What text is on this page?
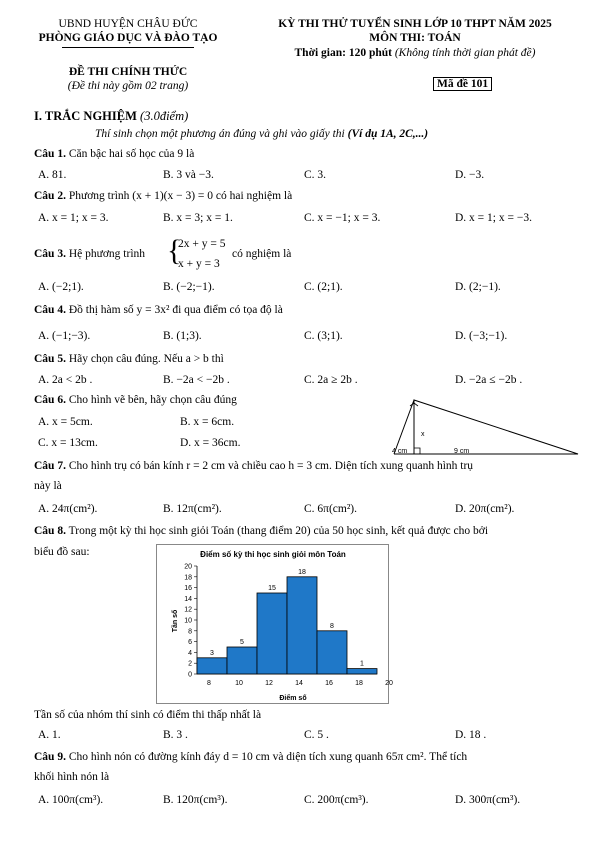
UBND HUYỆN CHÂU ĐỨC
PHÒNG GIÁO DỤC VÀ ĐÀO TẠO
KỲ THI THỬ TUYỂN SINH LỚP 10 THPT NĂM 2025
MÔN THI: TOÁN
Thời gian: 120 phút (Không tính thời gian phát đề)
ĐỀ THI CHÍNH THỨC
(Đề thi này gồm 02 trang)	Mã đề 101
I. TRẮC NGHIỆM (3.0điểm)
Thí sinh chọn một phương án đúng và ghi vào giấy thi (Ví dụ 1A, 2C,...)
Câu 1. Căn bậc hai số học của 9 là
A. 81.	B. 3 và −3.	C. 3.	D. −3.
Câu 2. Phương trình (x + 1)(x − 3) = 0 có hai nghiệm là
A. x = 1; x = 3.	B. x = 3; x = 1.	C. x = −1; x = 3.	D. x = 1; x = −3.
Câu 3. Hệ phương trình {
2x + y = 5
x + y = 3
có nghiệm là
A. (−2;1).	B. (−2;−1).	C. (2;1).	D. (2;−1).
Câu 4. Đồ thị hàm số y = 3x² đi qua điểm có tọa độ là
A. (−1;−3).	B. (1;3).	C. (3;1).	D. (−3;−1).
Câu 5. Hãy chọn câu đúng. Nếu a > b thì
A. 2a < 2b .	B. −2a < −2b .	C. 2a ≥ 2b .	D. −2a ≤ −2b .
Câu 6. Cho hình vẽ bên, hãy chọn câu đúng
A. x = 5cm.	B. x = 6cm.
C. x = 13cm.	D. x = 36cm.
x
4 cm	9 cm
Câu 7. Cho hình trụ có bán kính r = 2 cm và chiều cao h = 3 cm. Diện tích xung quanh hình trụ
này là
A. 24π(cm²).	B. 12π(cm²).	C. 6π(cm²).	D. 20π(cm²).
Câu 8. Trong một kỳ thi học sinh giỏi Toán (thang điểm 20) của 50 học sinh, kết quả được cho bởi
biểu đồ sau:	Điểm số kỳ thi học sinh giỏi môn Toán
Điểm số
Tần số
0
2
4
6
8
10
12
14
16
18
20
8	10	12	14	16	18	20
3
5
15
18
8
1
Tần số của nhóm thí sinh có điểm thi thấp nhất là
A. 1.	B. 3 .	C. 5 .	D. 18 .
Câu 9. Cho hình nón có đường kính đáy d = 10 cm và diện tích xung quanh 65π cm². Thể tích
khối hình nón là
A. 100π(cm³).	B. 120π(cm³).	C. 200π(cm³).	D. 300π(cm³).
